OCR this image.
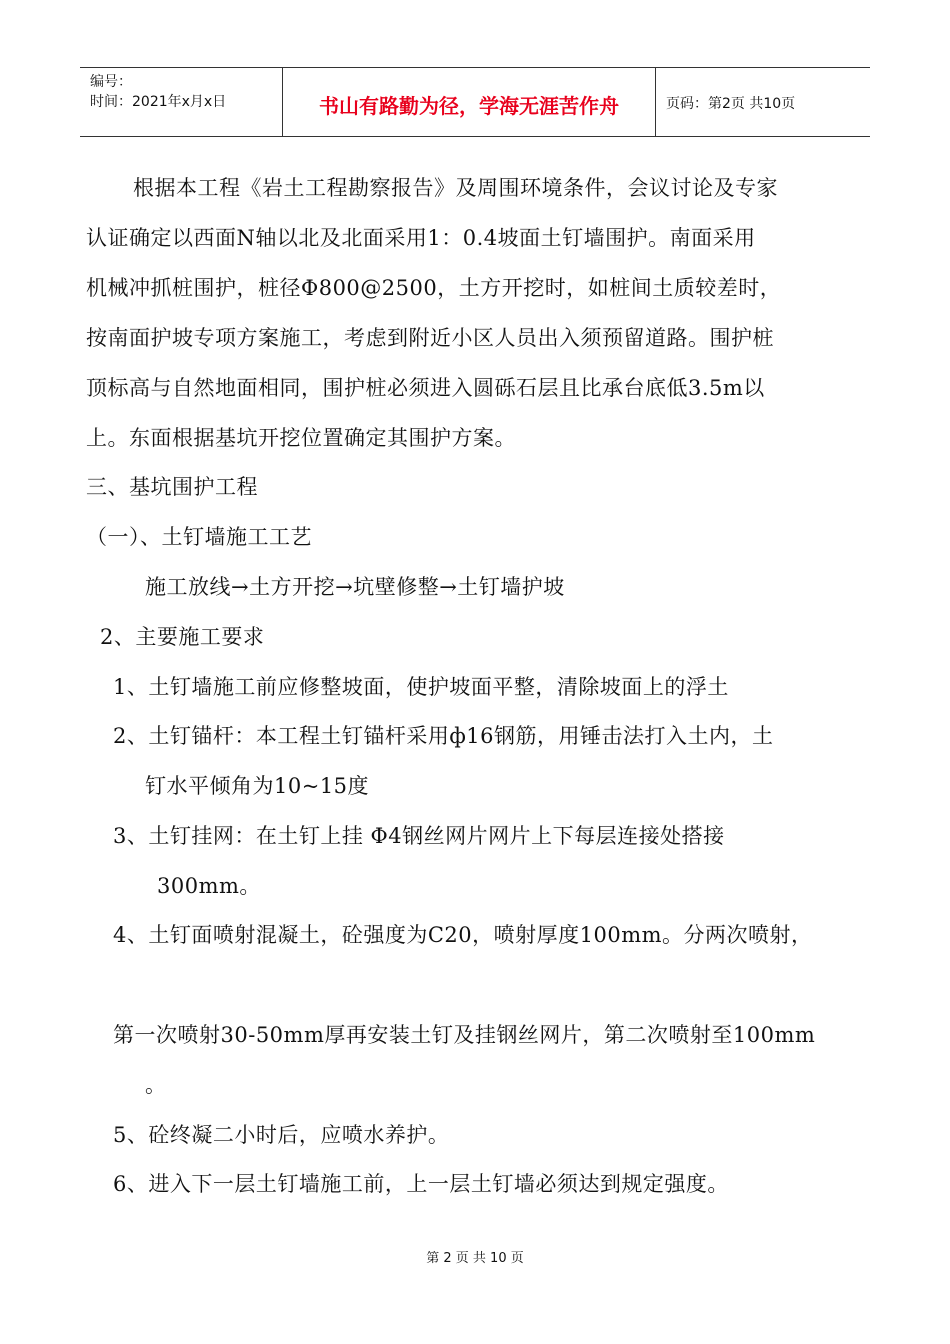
编号：
时间：2021年x月x日	书山有路勤为径，学海无涯苦作舟	页码：第2页 共10页
根据本工程《岩土工程勘察报告》及周围环境条件，会议讨论及专家
认证确定以西面N轴以北及北面采用1：0.4坡面土钉墙围护。南面采用
机械冲抓桩围护，桩径Φ800@2500，土方开挖时，如桩间土质较差时，
按南面护坡专项方案施工，考虑到附近小区人员出入须预留道路。围护桩
顶标高与自然地面相同，围护桩必须进入圆砾石层且比承台底低3.5m以
上。东面根据基坑开挖位置确定其围护方案。
三、基坑围护工程
（一）、土钉墙施工工艺
施工放线→土方开挖→坑壁修整→土钉墙护坡
2、主要施工要求
1、土钉墙施工前应修整坡面，使护坡面平整，清除坡面上的浮土
2、土钉锚杆：本工程土钉锚杆采用ф16钢筋，用锤击法打入土内，土
钉水平倾角为10~15度
3、土钉挂网：在土钉上挂 Φ4钢丝网片网片上下每层连接处搭接
300mm。
4、土钉面喷射混凝土，砼强度为C20，喷射厚度100mm。分两次喷射，
第一次喷射30-50mm厚再安装土钉及挂钢丝网片，第二次喷射至100mm
。
5、砼终凝二小时后，应喷水养护。
6、进入下一层土钉墙施工前，上一层土钉墙必须达到规定强度。
第 2 页 共 10 页
